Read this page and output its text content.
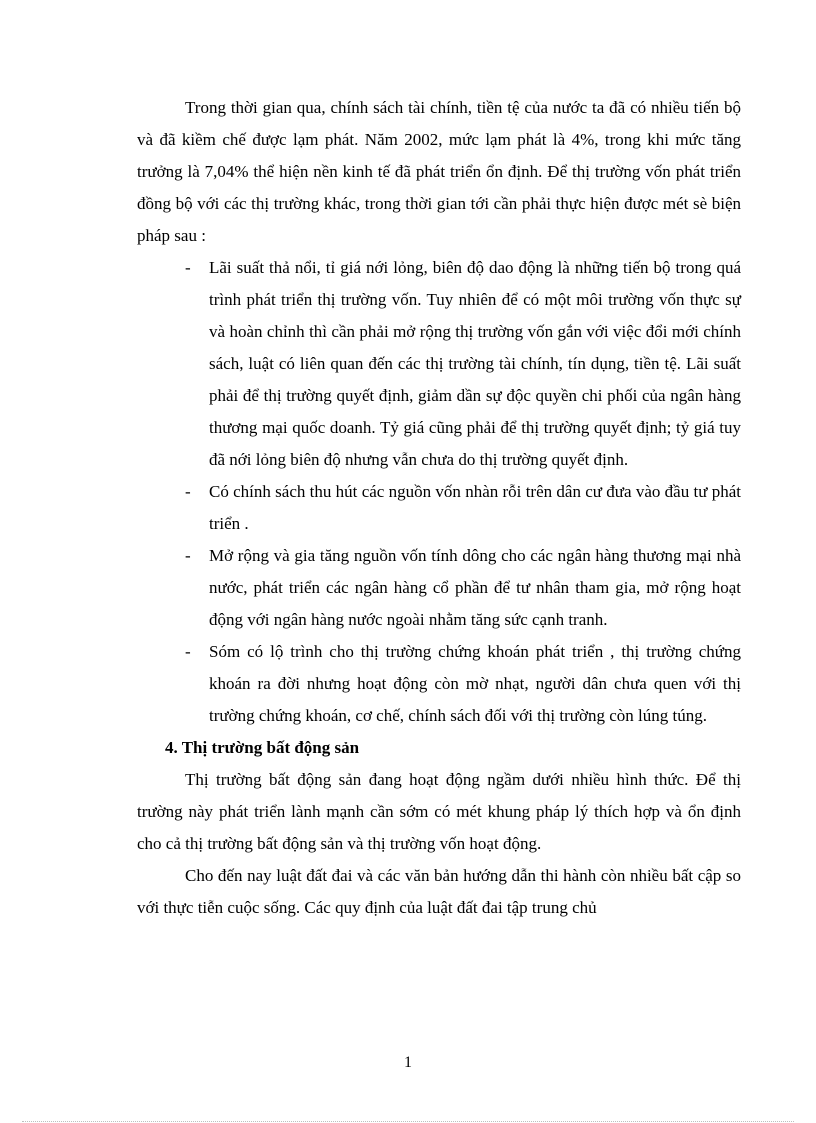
Trong thời gian qua, chính sách tài chính, tiền tệ của nước ta đã có nhiều tiến bộ và đã kiềm chế được lạm phát. Năm 2002, mức lạm phát là 4%, trong khi mức tăng trưởng là 7,04% thể hiện nền kinh tế đã phát triển ổn định. Để thị trường vốn phát triển đồng bộ với các thị trường khác, trong thời gian tới cần phải thực hiện được mét sè biện pháp sau :

- Lãi suất thả nổi, tỉ giá nới lỏng, biên độ dao động là những tiến bộ trong quá trình phát triển thị trường vốn. Tuy nhiên để có một môi trường vốn thực sự và hoàn chỉnh thì cần phải mở rộng thị trường vốn gắn với việc đổi mới chính sách, luật có liên quan đến các thị trường tài chính, tín dụng, tiền tệ. Lãi suất phải để thị trường quyết định, giảm dần sự độc quyền chi phối của ngân hàng thương mại quốc doanh. Tỷ giá cũng phải để thị trường quyết định; tỷ giá tuy đã nới lỏng biên độ nhưng vẫn chưa do thị trường quyết định.
- Có chính sách thu hút các nguồn vốn nhàn rỗi trên dân cư đưa vào đầu tư phát triển .
- Mở rộng và gia tăng nguồn vốn tính dông cho các ngân hàng thương mại nhà nước, phát triển các ngân hàng cổ phần để tư nhân tham gia, mở rộng hoạt động với ngân hàng nước ngoài nhằm tăng sức cạnh tranh.
- Sóm có lộ trình cho thị trường chứng khoán phát triển , thị trường chứng khoán ra đời nhưng hoạt động còn mờ nhạt, người dân chưa quen với thị trường chứng khoán, cơ chế, chính sách đối với thị trường còn lúng túng.

4. Thị trường bất động sản

Thị trường bất động sản đang hoạt động ngầm dưới nhiều hình thức. Để thị trường này phát triển lành mạnh cần sớm có mét khung pháp lý thích hợp và ổn định cho cả thị trường bất động sản và thị trường vốn hoạt động.

Cho đến nay luật đất đai và các văn bản hướng dẫn thi hành còn nhiều bất cập so với thực tiễn cuộc sống. Các quy định của luật đất đai tập trung chủ

1
